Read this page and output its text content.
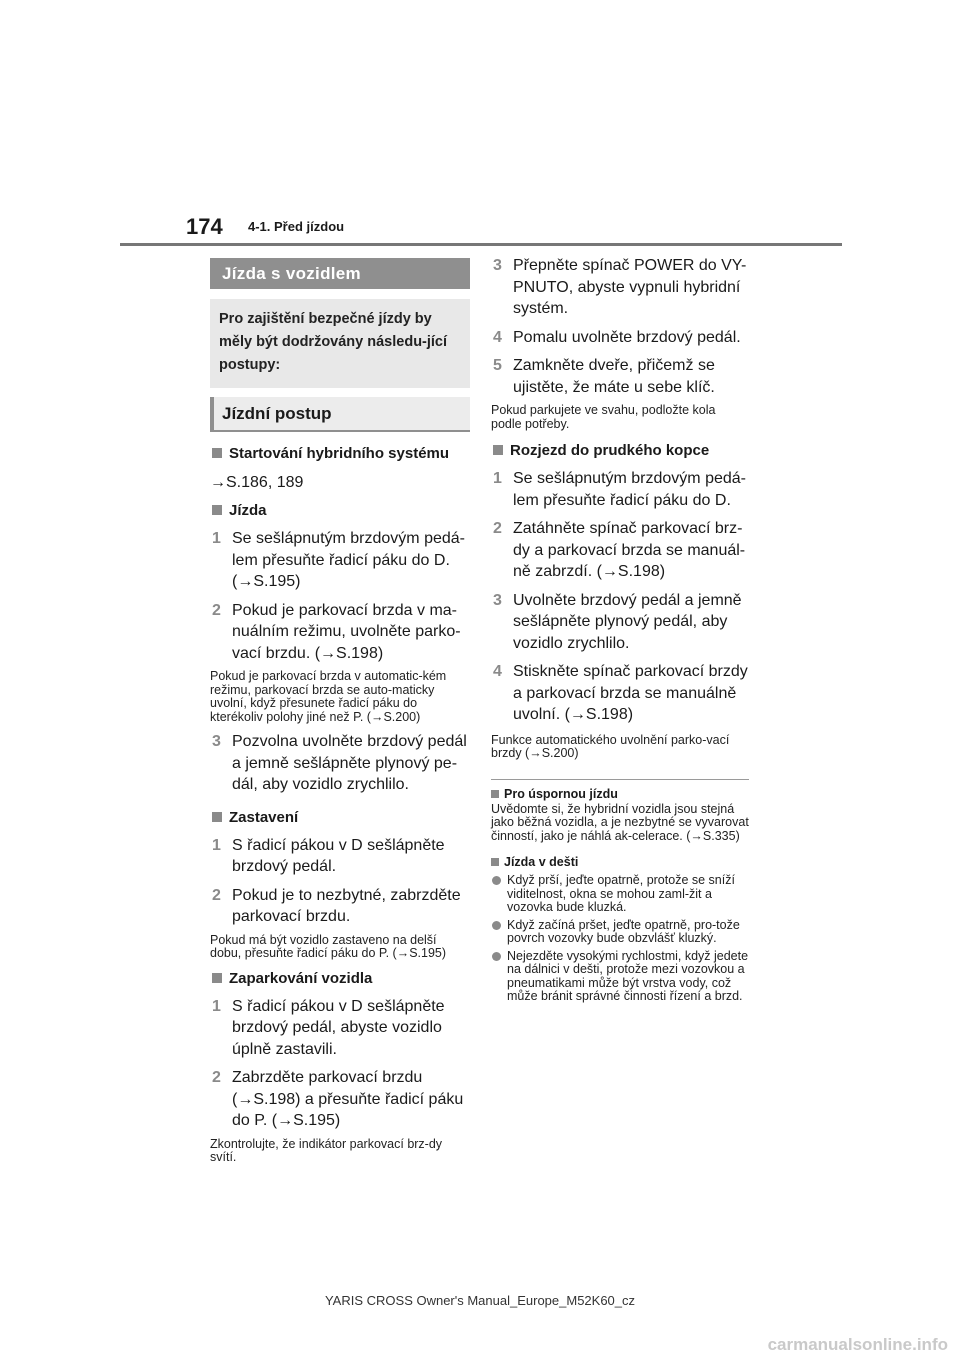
174 4-1. Před jízdou
Jízda s vozidlem
Pro zajištění bezpečné jízdy by měly být dodržovány následu-jící postupy:
Jízdní postup
Startování hybridního systému
→S.186, 189
Jízda
1 Se sešlápnutým brzdovým pedá-lem přesuňte řadicí páku do D. (→S.195)
2 Pokud je parkovací brzda v ma-nuálním režimu, uvolněte parko-vací brzdu. (→S.198)
Pokud je parkovací brzda v automatic-kém režimu, parkovací brzda se auto-maticky uvolní, když přesunete řadicí páku do kterékoliv polohy jiné než P. (→S.200)
3 Pozvolna uvolněte brzdový pedál a jemně sešlápněte plynový pe-dál, aby vozidlo zrychlilo.
Zastavení
1 S řadicí pákou v D sešlápněte brzdový pedál.
2 Pokud je to nezbytné, zabrzděte parkovací brzdu.
Pokud má být vozidlo zastaveno na delší dobu, přesuňte řadicí páku do P. (→S.195)
Zaparkování vozidla
1 S řadicí pákou v D sešlápněte brzdový pedál, abyste vozidlo úplně zastavili.
2 Zabrzděte parkovací brzdu (→S.198) a přesuňte řadicí páku do P. (→S.195)
Zkontrolujte, že indikátor parkovací brz-dy svítí.
3 Přepněte spínač POWER do VY-PNUTO, abyste vypnuli hybridní systém.
4 Pomalu uvolněte brzdový pedál.
5 Zamkněte dveře, přičemž se ujistěte, že máte u sebe klíč.
Pokud parkujete ve svahu, podložte kola podle potřeby.
Rozjezd do prudkého kopce
1 Se sešlápnutým brzdovým pedá-lem přesuňte řadicí páku do D.
2 Zatáhněte spínač parkovací brz-dy a parkovací brzda se manuál-ně zabrzdí. (→S.198)
3 Uvolněte brzdový pedál a jemně sešlápněte plynový pedál, aby vozidlo zrychlilo.
4 Stiskněte spínač parkovací brzdy a parkovací brzda se manuálně uvolní. (→S.198)
Funkce automatického uvolnění parko-vací brzdy (→S.200)
Pro úspornou jízdu
Uvědomte si, že hybridní vozidla jsou stejná jako běžná vozidla, a je nezbytné se vyvarovat činností, jako je náhlá ak-celerace. (→S.335)
Jízda v dešti
Když prší, jeďte opatrně, protože se sníží viditelnost, okna se mohou zaml-žit a vozovka bude kluzká.
Když začíná pršet, jeďte opatrně, pro-tože povrch vozovky bude obzvlášť kluzký.
Nejezděte vysokými rychlostmi, když jedete na dálnici v dešti, protože mezi vozovkou a pneumatikami může být vrstva vody, což může bránit správné činnosti řízení a brzd.
YARIS CROSS Owner's Manual_Europe_M52K60_cz
carmanualsonline.info
